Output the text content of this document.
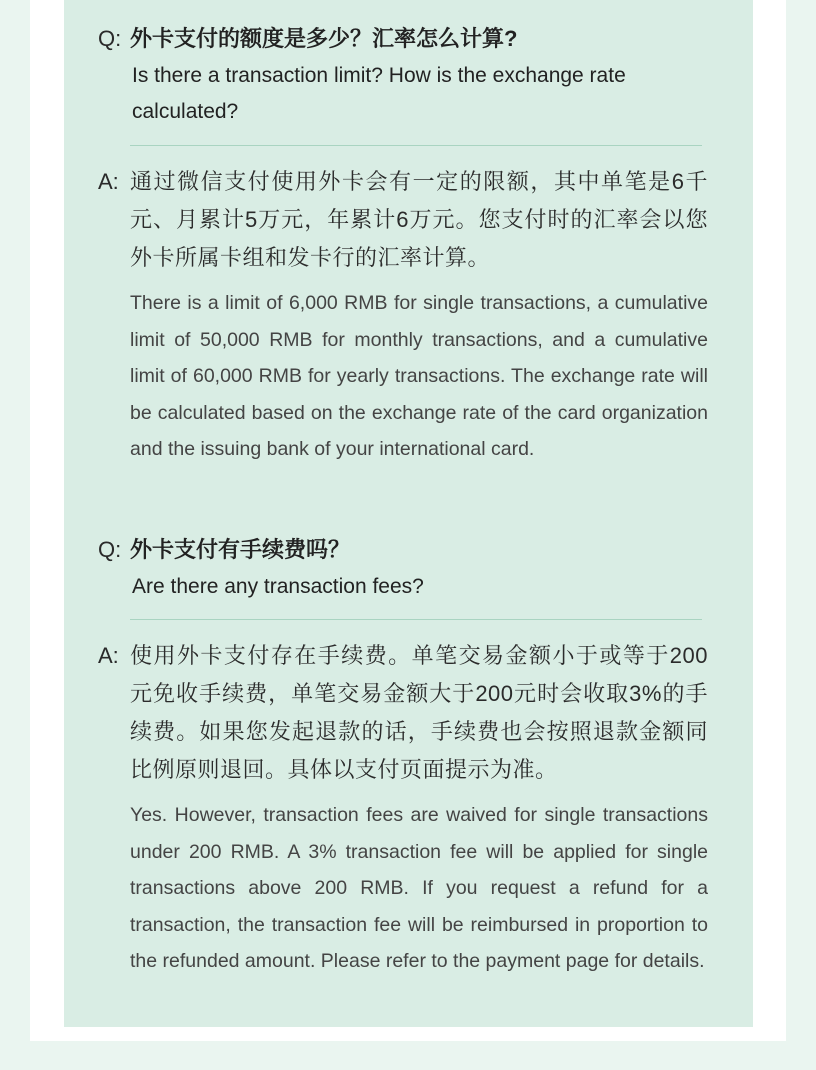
Q: 外卡支付的额度是多少？汇率怎么计算?
Is there a transaction limit? How is the exchange rate calculated?
A: 通过微信支付使用外卡会有一定的限额，其中单笔是6千元、月累计5万元，年累计6万元。您支付时的汇率会以您外卡所属卡组和发卡行的汇率计算。
There is a limit of 6,000 RMB for single transactions, a cumulative limit of 50,000 RMB for monthly transactions, and a cumulative limit of 60,000 RMB for yearly transactions. The exchange rate will be calculated based on the exchange rate of the card organization and the issuing bank of your international card.
Q: 外卡支付有手续费吗？
Are there any transaction fees?
A: 使用外卡支付存在手续费。单笔交易金额小于或等于200元免收手续费，单笔交易金额大于200元时会收取3%的手续费。如果您发起退款的话，手续费也会按照退款金额同比例原则退回。具体以支付页面提示为准。
Yes. However, transaction fees are waived for single transactions under 200 RMB. A 3% transaction fee will be applied for single transactions above 200 RMB. If you request a refund for a transaction, the transaction fee will be reimbursed in proportion to the refunded amount. Please refer to the payment page for details.
